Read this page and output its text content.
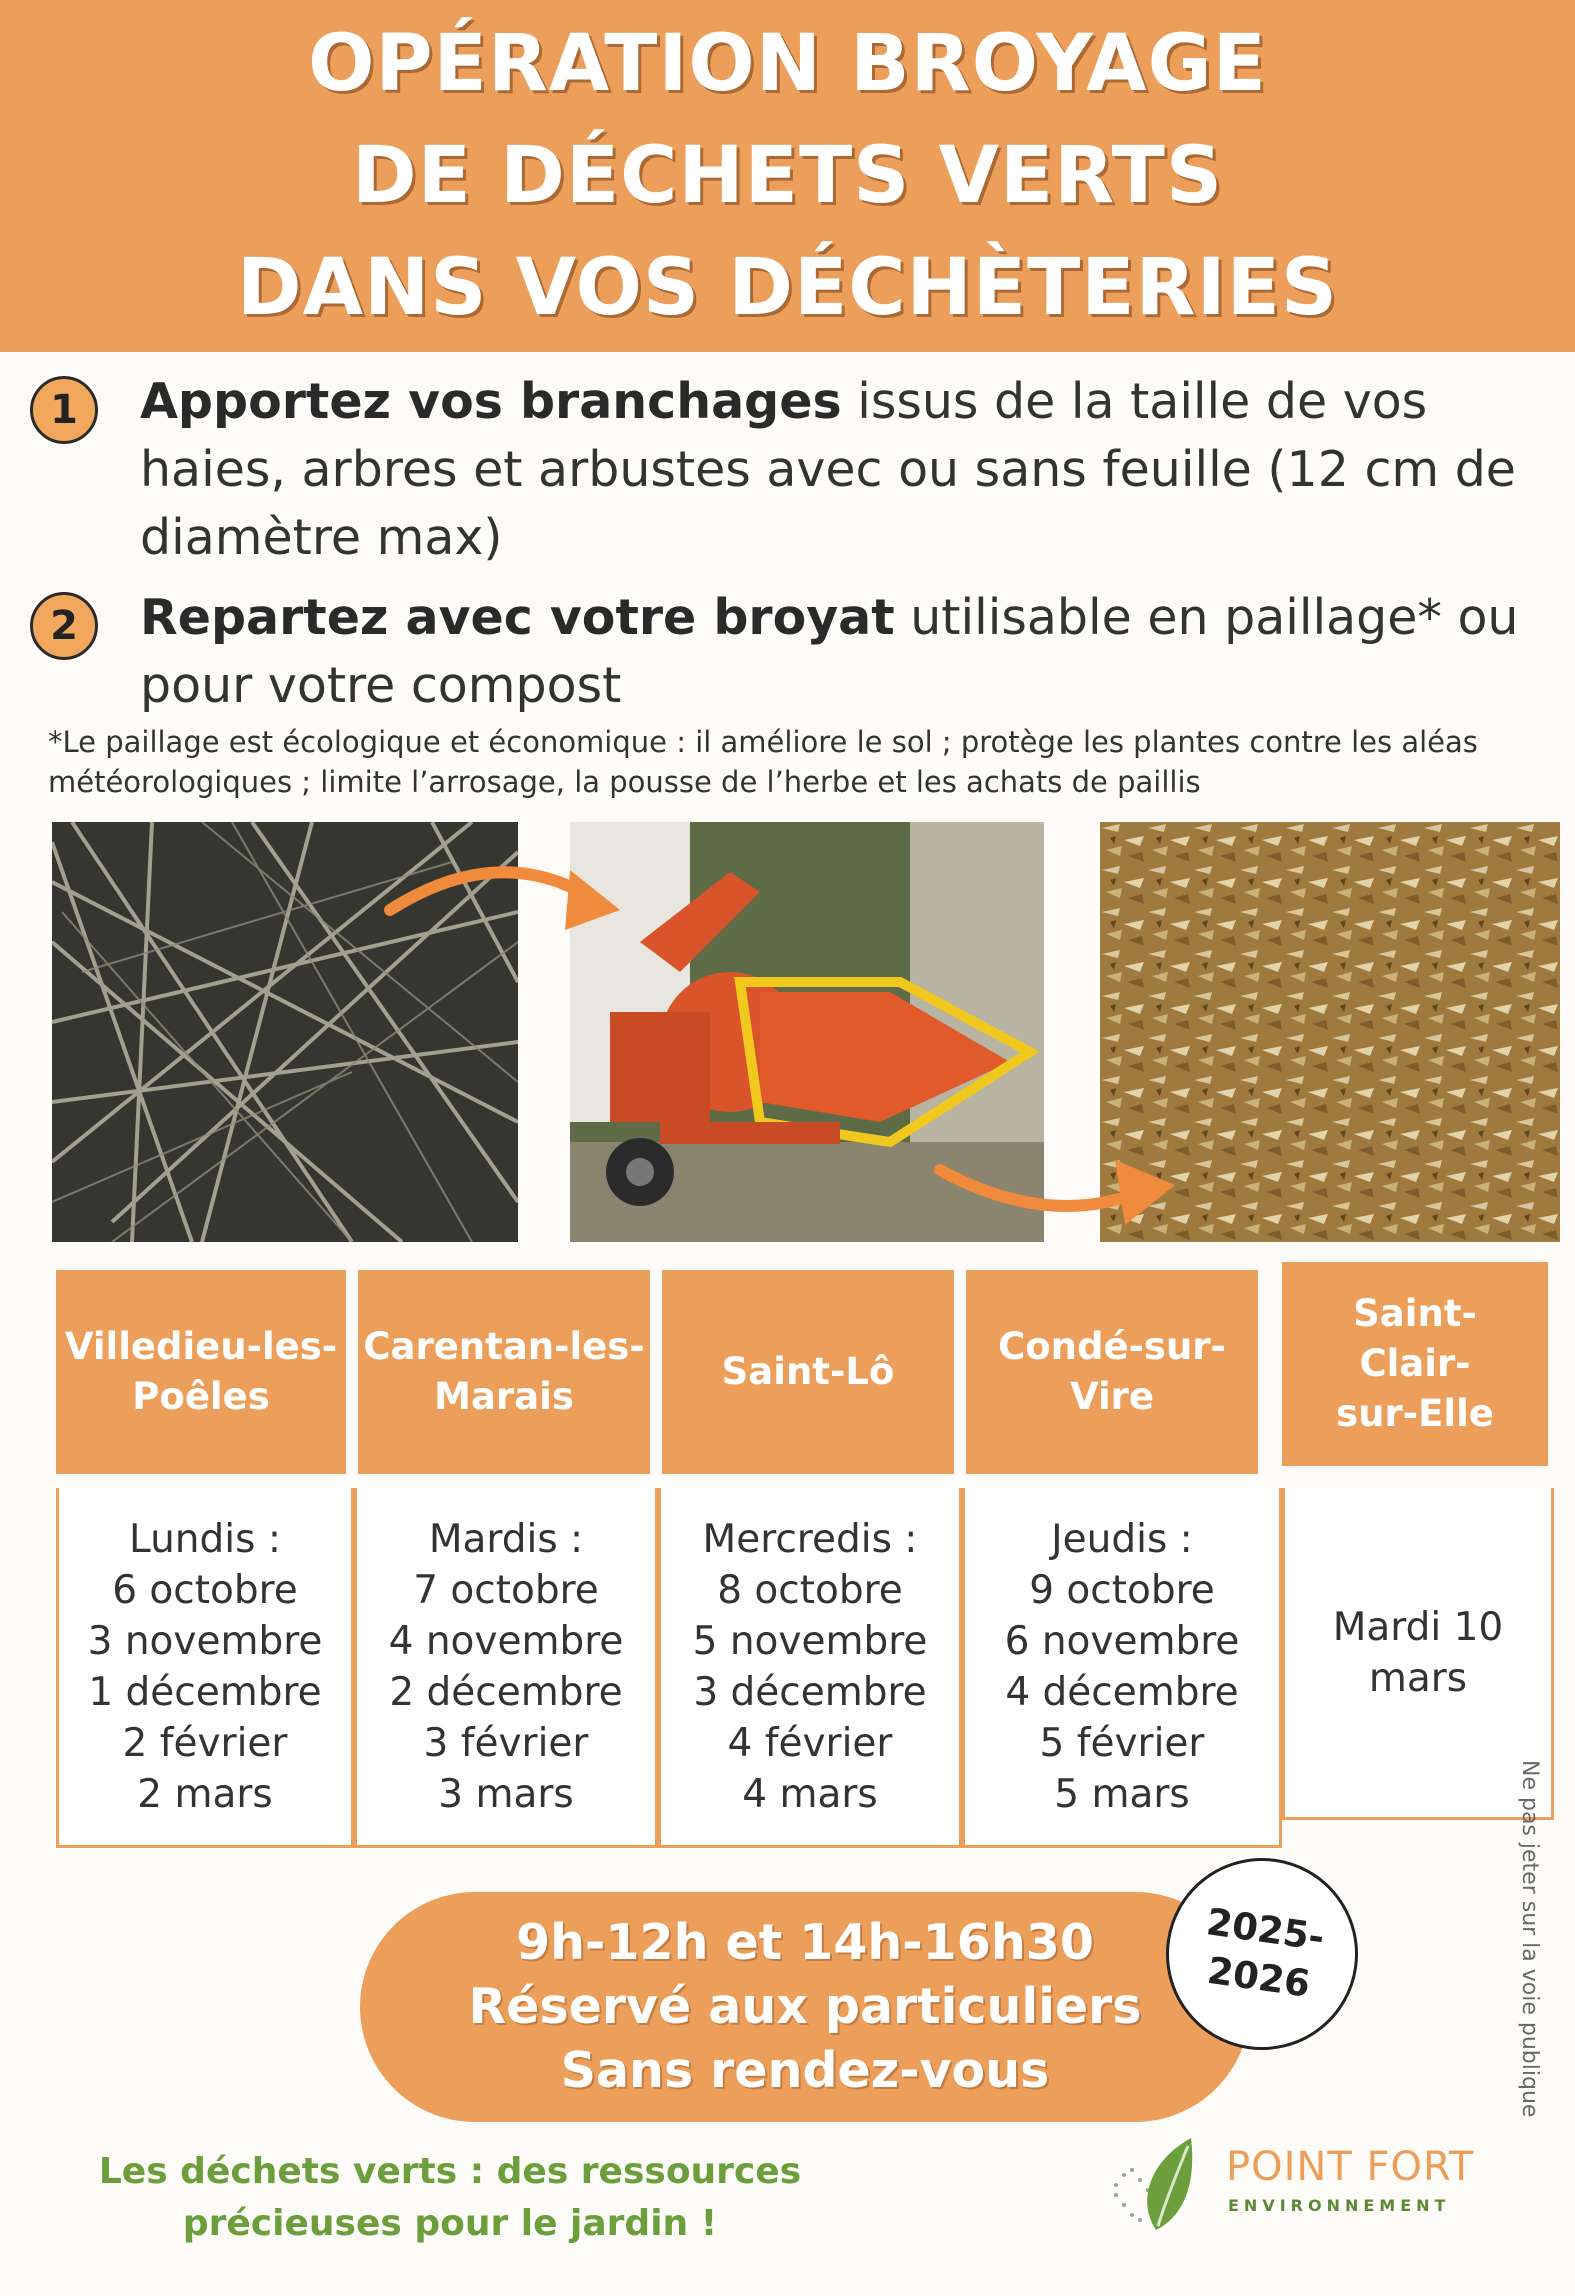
OPÉRATION BROYAGE
DE DÉCHETS VERTS
DANS VOS DÉCHÈTERIES
1	Apportez vos branchages issus de la taille de vos haies, arbres et arbustes avec ou sans feuille (12 cm de diamètre max)
2	Repartez avec votre broyat utilisable en paillage* ou pour votre compost
*Le paillage est écologique et économique : il améliore le sol ; protège les plantes contre les aléas météorologiques ; limite l’arrosage, la pousse de l’herbe et les achats de paillis
Villedieu-les-Poêles
Carentan-les-Marais
Saint-Lô
Condé-sur-Vire
Saint-Clair-sur-Elle
Lundis :
6 octobre
3 novembre
1 décembre
2 février
2 mars
Mardis :
7 octobre
4 novembre
2 décembre
3 février
3 mars
Mercredis :
8 octobre
5 novembre
3 décembre
4 février
4 mars
Jeudis :
9 octobre
6 novembre
4 décembre
5 février
5 mars
Mardi 10
mars
9h-12h et 14h-16h30
Réservé aux particuliers
Sans rendez-vous
2025-
2026
Les déchets verts : des ressources
précieuses pour le jardin !
POINT FORT
ENVIRONNEMENT
Ne pas jeter sur la voie publique
